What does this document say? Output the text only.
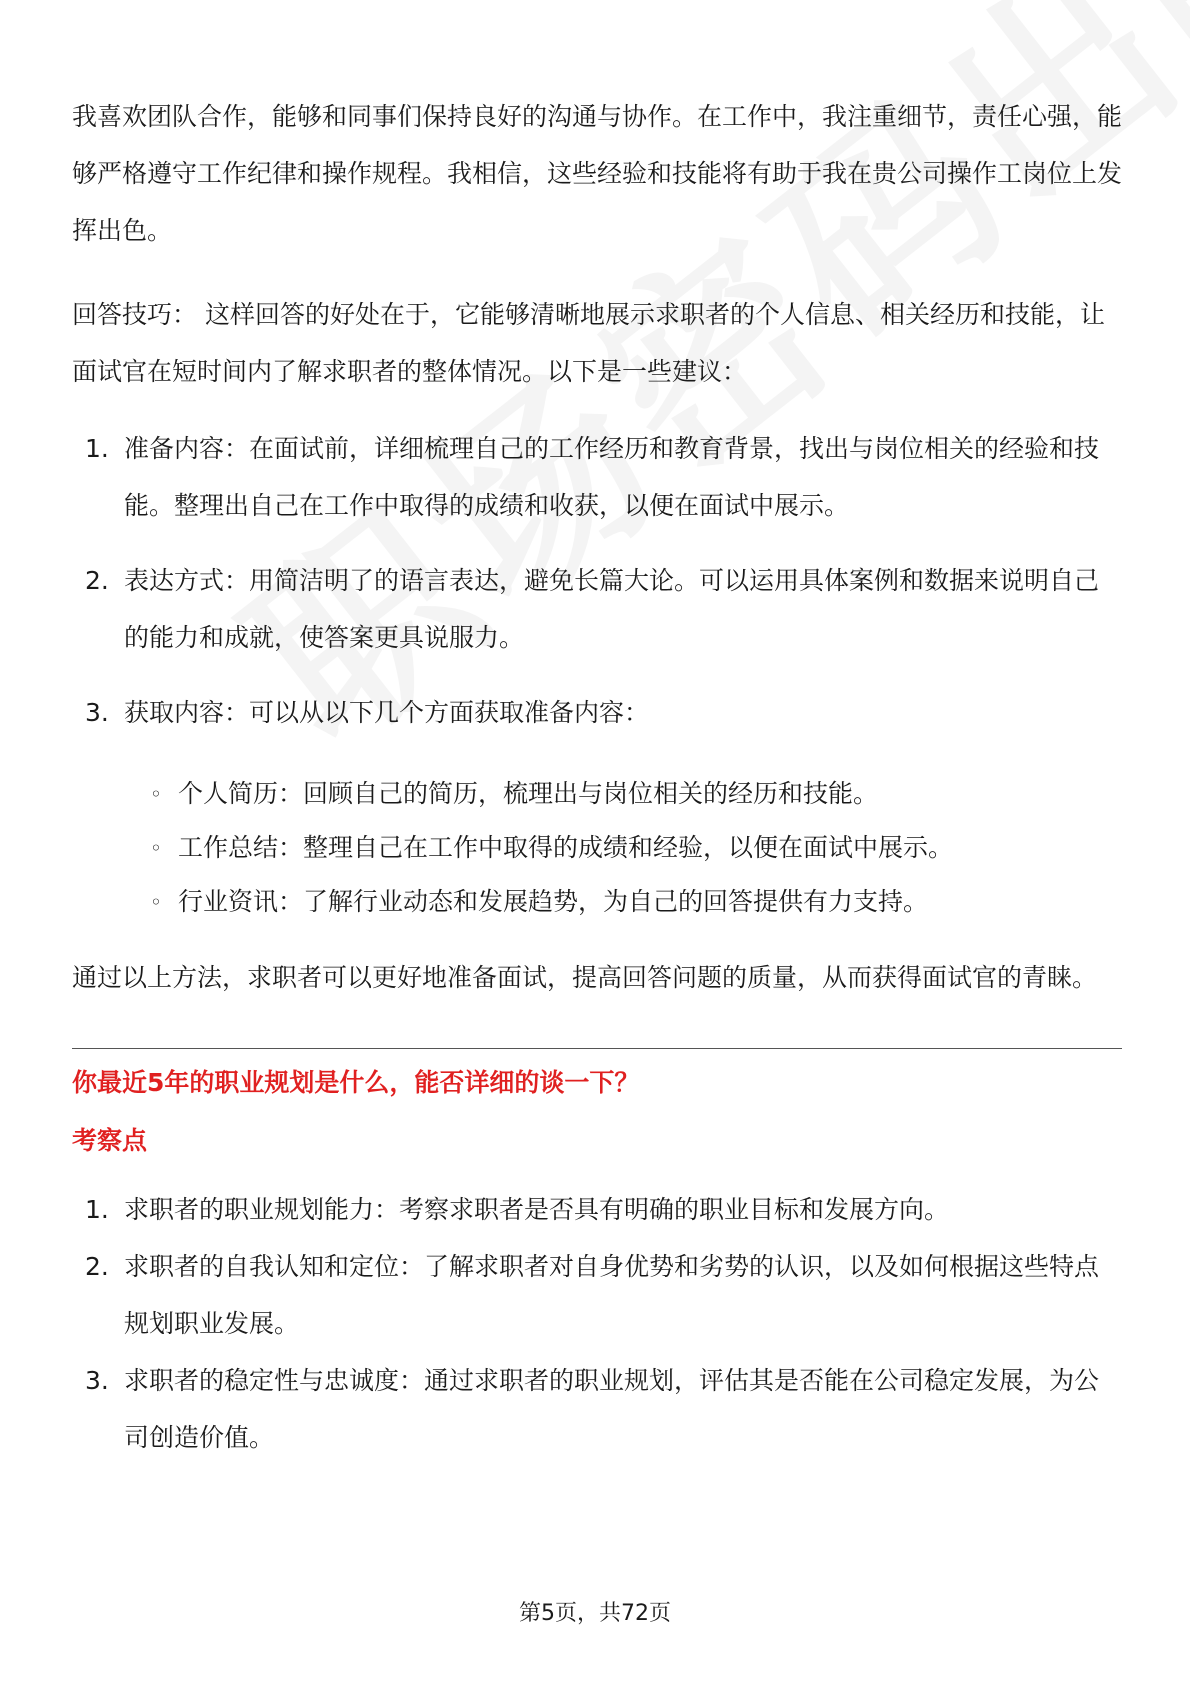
我喜欢团队合作，能够和同事们保持良好的沟通与协作。在工作中，我注重细节，责任心强，能够严格遵守工作纪律和操作规程。我相信，这些经验和技能将有助于我在贵公司操作工岗位上发挥出色。

回答技巧： 这样回答的好处在于，它能够清晰地展示求职者的个人信息、相关经历和技能，让面试官在短时间内了解求职者的整体情况。以下是一些建议：

1. 准备内容：在面试前，详细梳理自己的工作经历和教育背景，找出与岗位相关的经验和技能。整理出自己在工作中取得的成绩和收获，以便在面试中展示。
2. 表达方式：用简洁明了的语言表达，避免长篇大论。可以运用具体案例和数据来说明自己的能力和成就，使答案更具说服力。
3. 获取内容：可以从以下几个方面获取准备内容：
◦ 个人简历：回顾自己的简历，梳理出与岗位相关的经历和技能。
◦ 工作总结：整理自己在工作中取得的成绩和经验，以便在面试中展示。
◦ 行业资讯：了解行业动态和发展趋势，为自己的回答提供有力支持。

通过以上方法，求职者可以更好地准备面试，提高回答问题的质量，从而获得面试官的青睐。

你最近5年的职业规划是什么，能否详细的谈一下？

考察点

1. 求职者的职业规划能力：考察求职者是否具有明确的职业目标和发展方向。
2. 求职者的自我认知和定位：了解求职者对自身优势和劣势的认识，以及如何根据这些特点规划职业发展。
3. 求职者的稳定性与忠诚度：通过求职者的职业规划，评估其是否能在公司稳定发展，为公司创造价值。
第5页，共72页
